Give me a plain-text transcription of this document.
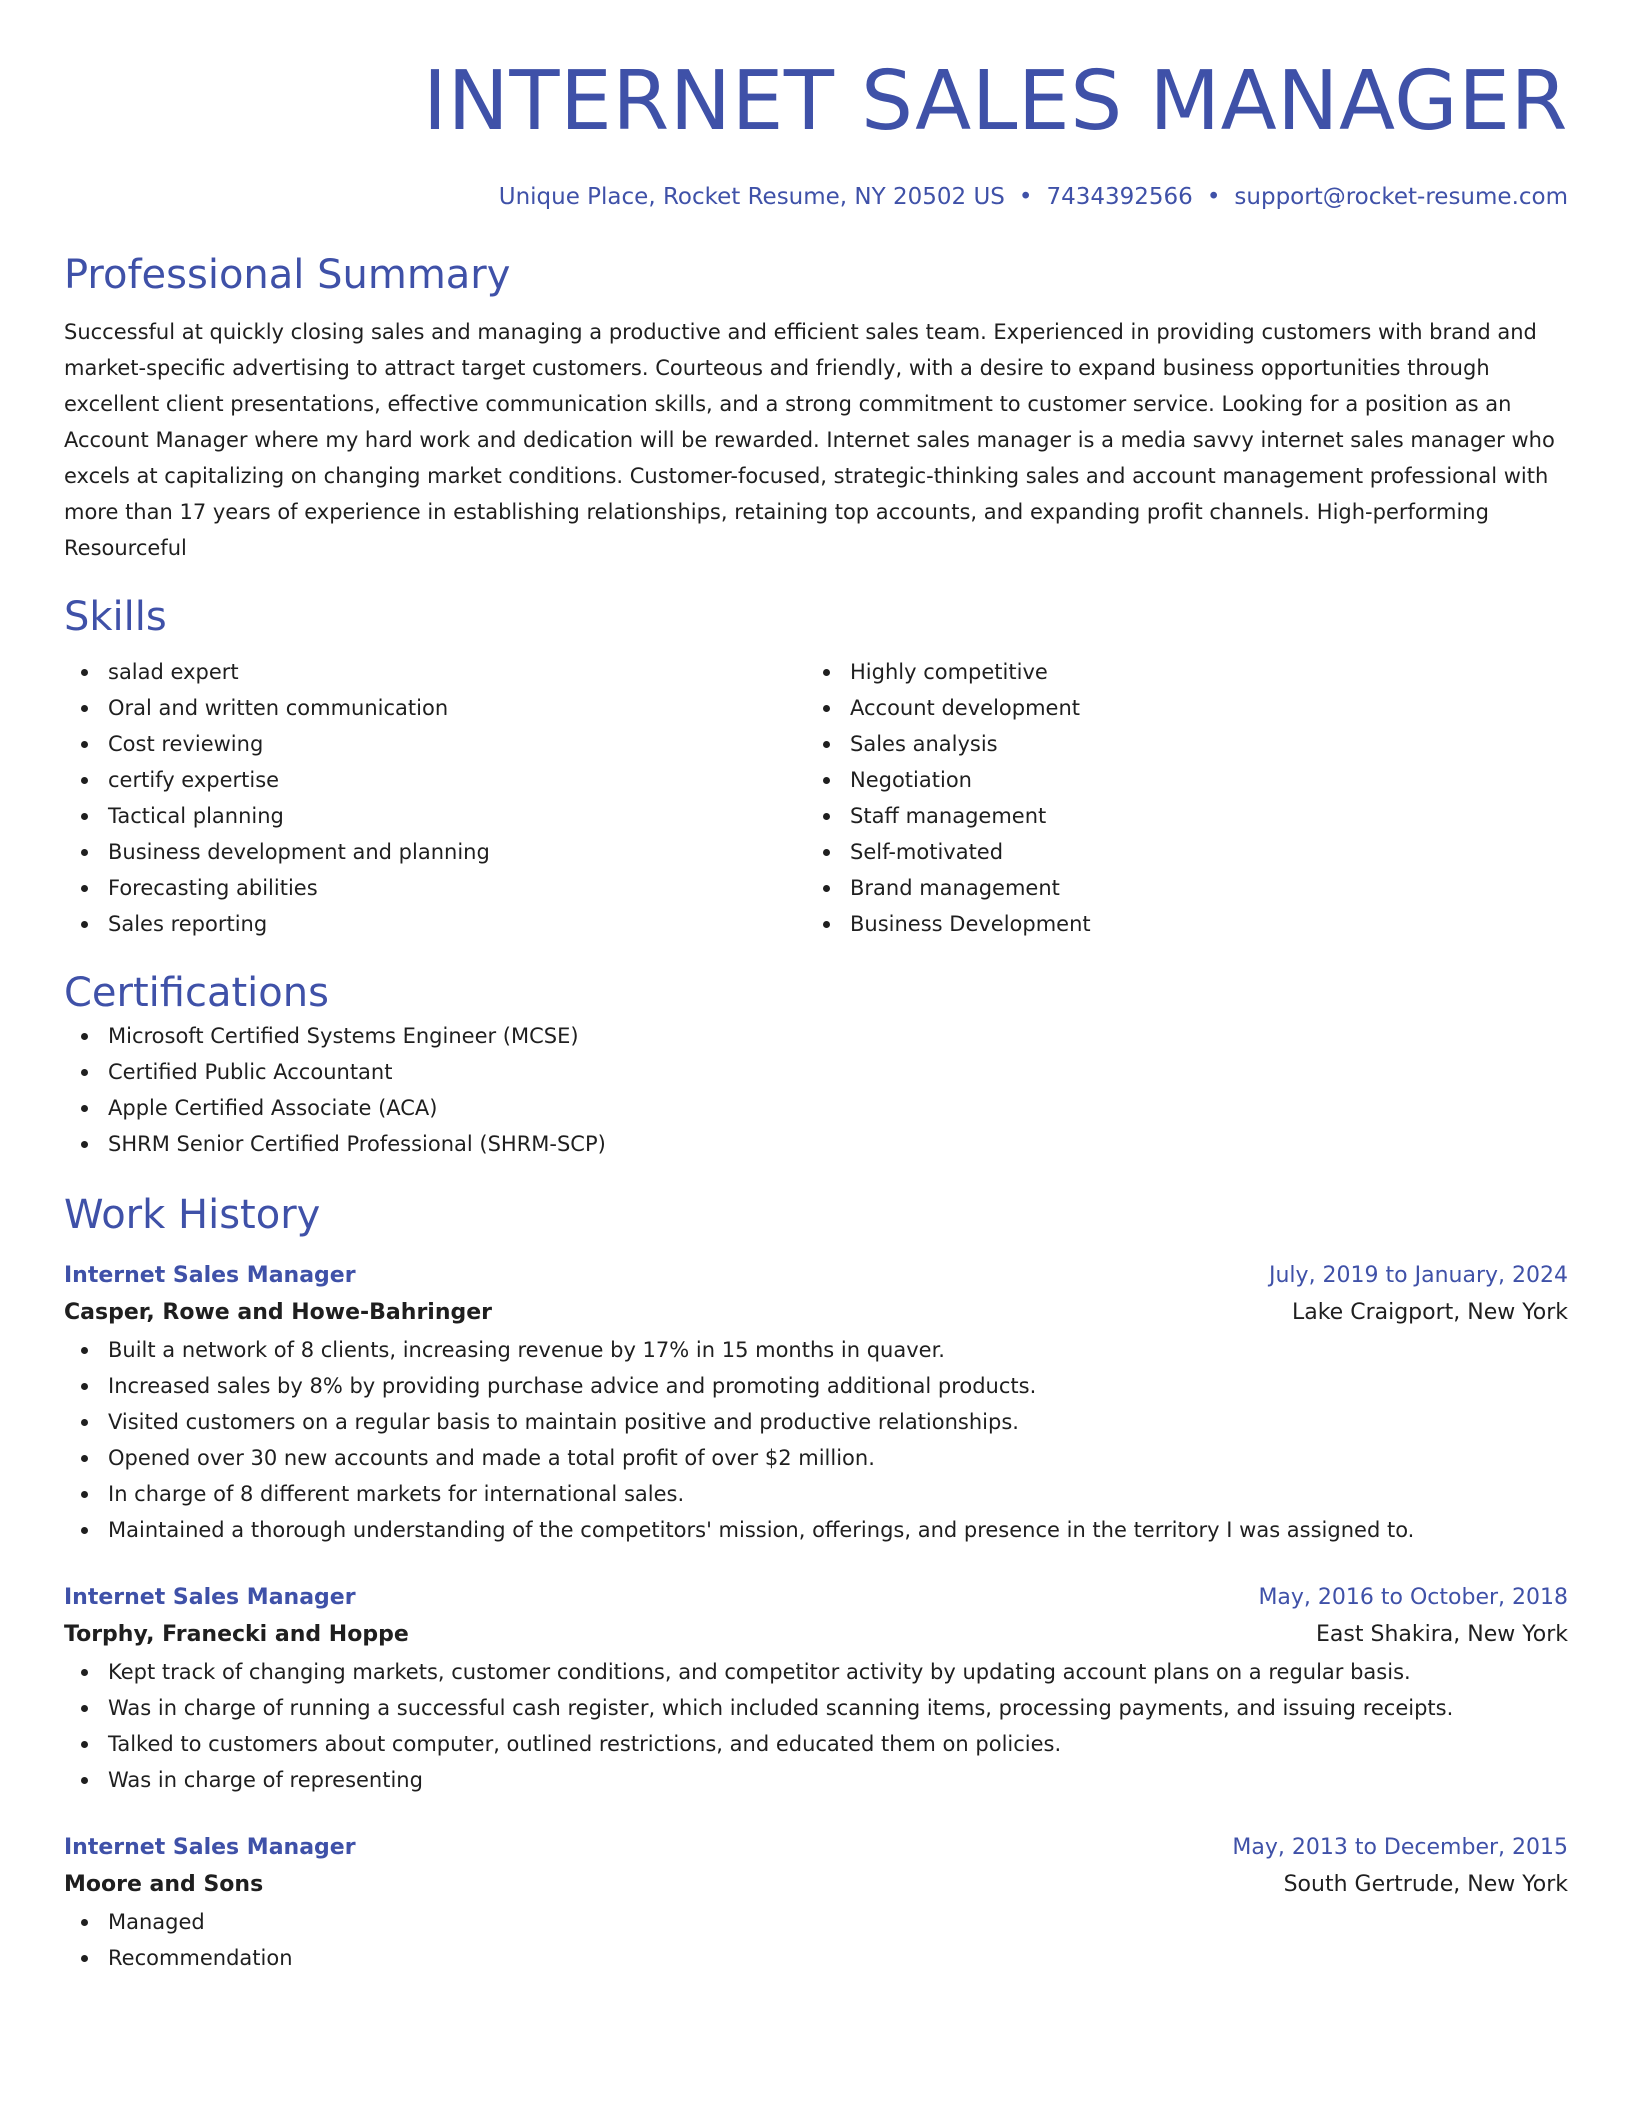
INTERNET SALES MANAGER
Unique Place, Rocket Resume, NY 20502 US • 7434392566 • support@rocket-resume.com
Professional Summary

Successful at quickly closing sales and managing a productive and efficient sales team. Experienced in providing customers with brand and market-specific advertising to attract target customers. Courteous and friendly, with a desire to expand business opportunities through excellent client presentations, effective communication skills, and a strong commitment to customer service. Looking for a position as an Account Manager where my hard work and dedication will be rewarded. Internet sales manager is a media savvy internet sales manager who excels at capitalizing on changing market conditions. Customer-focused, strategic-thinking sales and account management professional with more than 17 years of experience in establishing relationships, retaining top accounts, and expanding profit channels. High-performing Resourceful

Skills
salad expert
Oral and written communication
Cost reviewing
certify expertise
Tactical planning
Business development and planning
Forecasting abilities
Sales reporting
Highly competitive
Account development
Sales analysis
Negotiation
Staff management
Self-motivated
Brand management
Business Development
Certifications
Microsoft Certified Systems Engineer (MCSE)
Certified Public Accountant
Apple Certified Associate (ACA)
SHRM Senior Certified Professional (SHRM-SCP)
Work History
Internet Sales Manager	July, 2019 to January, 2024
Casper, Rowe and Howe-Bahringer	Lake Craigport, New York
Built a network of 8 clients, increasing revenue by 17% in 15 months in quaver.
Increased sales by 8% by providing purchase advice and promoting additional products.
Visited customers on a regular basis to maintain positive and productive relationships.
Opened over 30 new accounts and made a total profit of over $2 million.
In charge of 8 different markets for international sales.
Maintained a thorough understanding of the competitors' mission, offerings, and presence in the territory I was assigned to.
Internet Sales Manager	May, 2016 to October, 2018
Torphy, Franecki and Hoppe	East Shakira, New York
Kept track of changing markets, customer conditions, and competitor activity by updating account plans on a regular basis.
Was in charge of running a successful cash register, which included scanning items, processing payments, and issuing receipts.
Talked to customers about computer, outlined restrictions, and educated them on policies.
Was in charge of representing
Internet Sales Manager	May, 2013 to December, 2015
Moore and Sons	South Gertrude, New York
Managed
Recommendation
